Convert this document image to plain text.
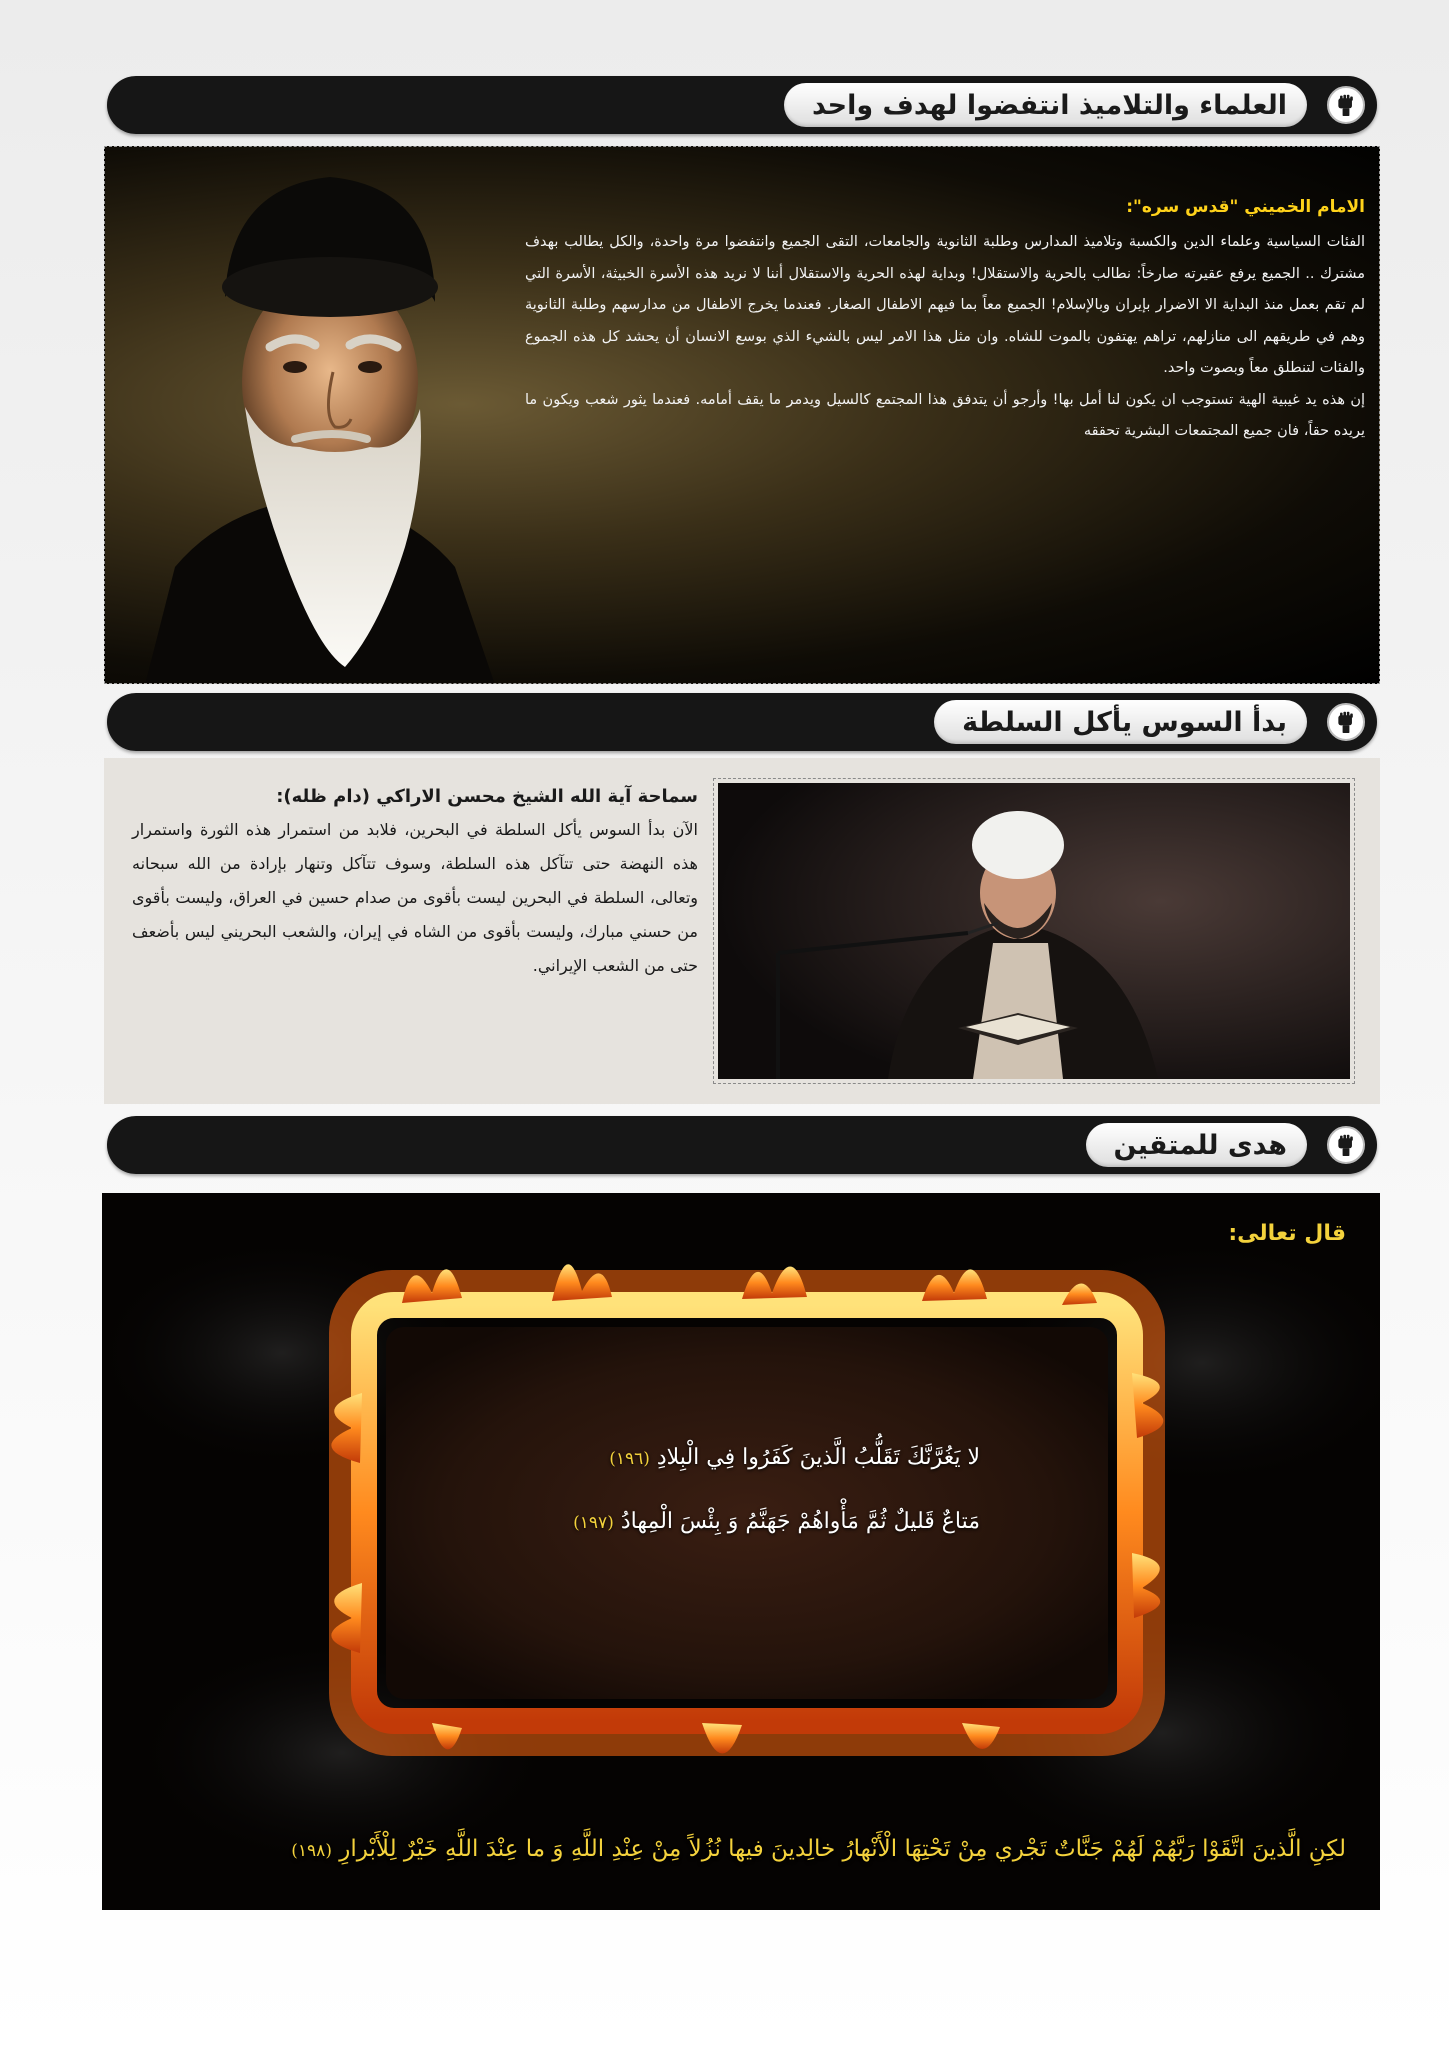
العلماء والتلاميذ انتفضوا لهدف واحد
الامام الخميني "قدس سره":

الفئات السياسية وعلماء الدين والكسبة وتلاميذ المدارس وطلبة الثانوية والجامعات، التقى الجميع وانتفضوا مرة واحدة، والكل يطالب بهدف مشترك .. الجميع يرفع عقيرته صارخاً: نطالب بالحرية والاستقلال! وبداية لهذه الحرية والاستقلال أننا لا نريد هذه الأسرة الخبيثة، الأسرة التي لم تقم بعمل منذ البداية الا الاضرار بإيران وبالإسلام! الجميع معاً بما فيهم الاطفال الصغار. فعندما يخرج الاطفال من مدارسهم وطلبة الثانوية وهم في طريقهم الى منازلهم، تراهم يهتفون بالموت للشاه. وان مثل هذا الامر ليس بالشيء الذي بوسع الانسان أن يحشد كل هذه الجموع والفئات لتنطلق معاً وبصوت واحد.

إن هذه يد غيبية الهية تستوجب ان يكون لنا أمل بها! وأرجو أن يتدفق هذا المجتمع كالسيل ويدمر ما يقف أمامه. فعندما يثور شعب ويكون ما يريده حقاً، فان جميع المجتمعات البشرية تحققه

بدأ السوس يأكل السلطة
سماحة آية الله الشيخ محسن الاراكي (دام ظله):

الآن بدأ السوس يأكل السلطة في البحرين، فلابد من استمرار هذه الثورة واستمرار هذه النهضة حتى تتآكل هذه السلطة، وسوف تتآكل وتنهار بإرادة من الله سبحانه وتعالى، السلطة في البحرين ليست بأقوى من صدام حسين في العراق، وليست بأقوى من حسني مبارك، وليست بأقوى من الشاه في إيران، والشعب البحريني ليس بأضعف حتى من الشعب الإيراني.

هدى للمتقين
قال تعالى:
لا يَغُرَّنَّكَ تَقَلُّبُ الَّذينَ كَفَرُوا فِي الْبِلادِ (١٩٦)
مَتاعٌ قَليلٌ ثُمَّ مَأْواهُمْ جَهَنَّمُ وَ بِئْسَ الْمِهادُ (١٩٧)
لكِنِ الَّذينَ اتَّقَوْا رَبَّهُمْ لَهُمْ جَنَّاتٌ تَجْري مِنْ تَحْتِهَا الْأَنْهارُ خالِدينَ فيها نُزُلاً مِنْ عِنْدِ اللَّهِ وَ ما عِنْدَ اللَّهِ خَيْرٌ لِلْأَبْرارِ (١٩٨)
